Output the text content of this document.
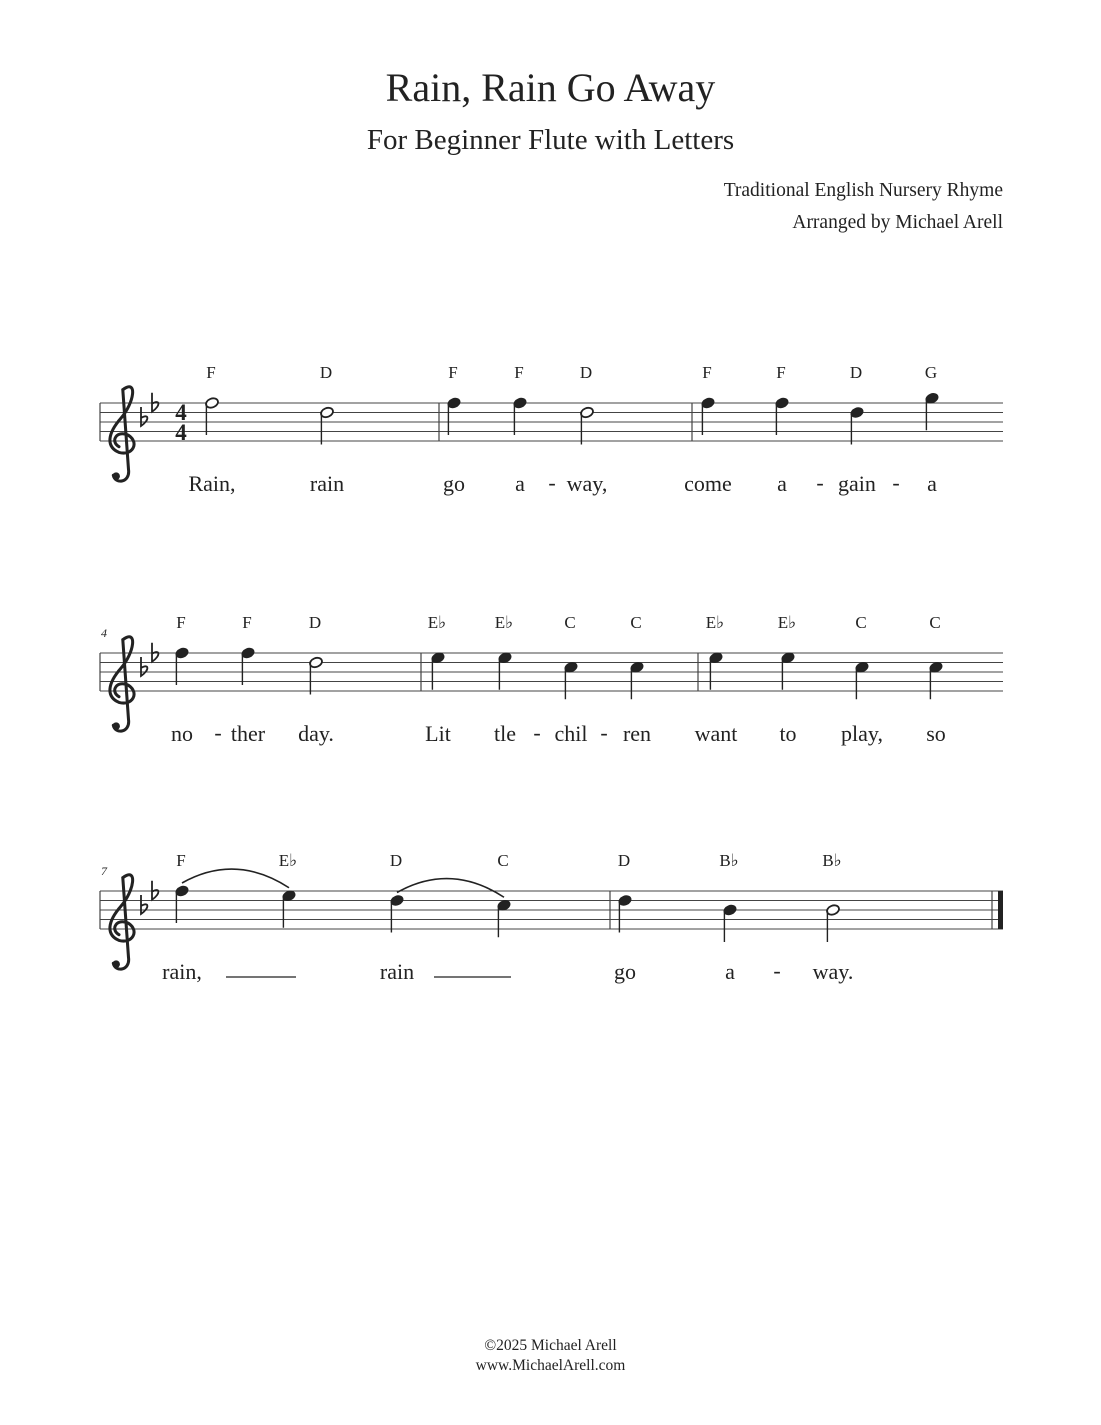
Rain, Rain Go Away
For Beginner Flute with Letters
Traditional English Nursery Rhyme
Arranged by Michael Arell
4
4
F
Rain,
D
rain
F
go
F
a
D
way,
F
come
F
a
D
gain
G
a
-	-	-
4
F
no
F
ther
D
day.
E♭
Lit
E♭
tle
C
chil
C
ren
E♭
want
E♭
to
C
play,
C
so
-	-	-
7
F
rain,
E♭	D
rain
C	D
go
B♭
a
B♭
way.
-
©2025 Michael Arell
www.MichaelArell.com
